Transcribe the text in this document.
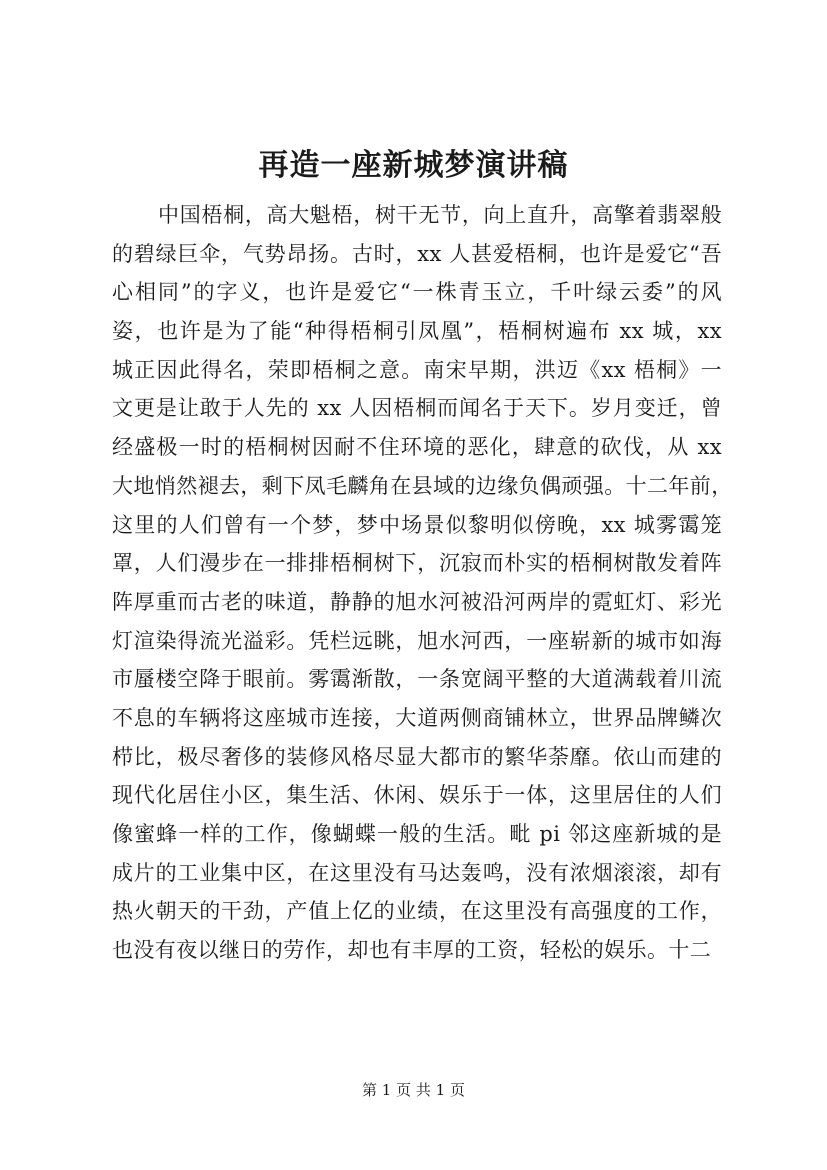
再造一座新城梦演讲稿
中国梧桐，高大魁梧，树干无节，向上直升，高擎着翡翠般
的碧绿巨伞，气势昂扬。古时，xx 人甚爱梧桐，也许是爱它“吾
心相同”的字义，也许是爱它“一株青玉立，千叶绿云委”的风
姿，也许是为了能“种得梧桐引凤凰”，梧桐树遍布 xx 城，xx
城正因此得名，荣即梧桐之意。南宋早期，洪迈《xx 梧桐》一
文更是让敢于人先的 xx 人因梧桐而闻名于天下。岁月变迁，曾
经盛极一时的梧桐树因耐不住环境的恶化，肆意的砍伐，从 xx
大地悄然褪去，剩下凤毛麟角在县域的边缘负偶顽强。十二年前，
这里的人们曾有一个梦，梦中场景似黎明似傍晚，xx 城雾霭笼
罩，人们漫步在一排排梧桐树下，沉寂而朴实的梧桐树散发着阵
阵厚重而古老的味道，静静的旭水河被沿河两岸的霓虹灯、彩光
灯渲染得流光溢彩。凭栏远眺，旭水河西，一座崭新的城市如海
市蜃楼空降于眼前。雾霭渐散，一条宽阔平整的大道满载着川流
不息的车辆将这座城市连接，大道两侧商铺林立，世界品牌鳞次
栉比，极尽奢侈的装修风格尽显大都市的繁华荼靡。依山而建的
现代化居住小区，集生活、休闲、娱乐于一体，这里居住的人们
像蜜蜂一样的工作，像蝴蝶一般的生活。毗 pi 邻这座新城的是
成片的工业集中区，在这里没有马达轰鸣，没有浓烟滚滚，却有
热火朝天的干劲，产值上亿的业绩，在这里没有高强度的工作，
也没有夜以继日的劳作，却也有丰厚的工资，轻松的娱乐。十二
第 1 页 共 1 页
